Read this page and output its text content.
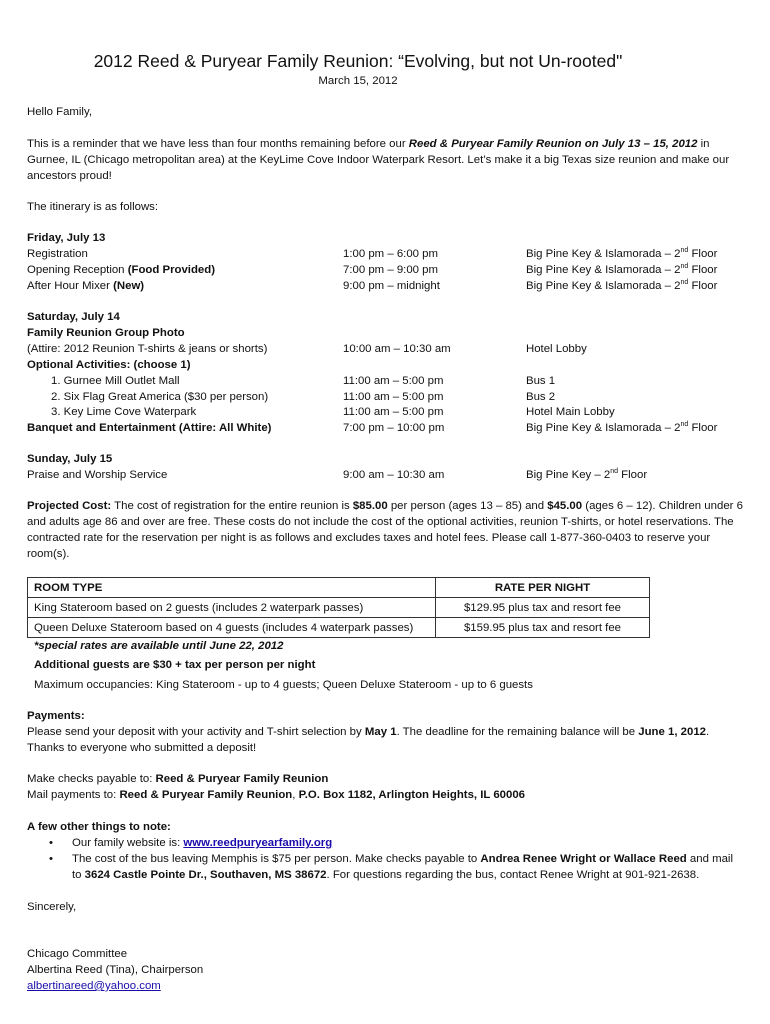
2012 Reed & Puryear Family Reunion: “Evolving, but not Un-rooted"
March 15, 2012
Hello Family,
This is a reminder that we have less than four months remaining before our Reed & Puryear Family Reunion on July 13 – 15, 2012 in Gurnee, IL (Chicago metropolitan area) at the KeyLime Cove Indoor Waterpark Resort. Let’s make it a big Texas size reunion and make our ancestors proud!
The itinerary is as follows:
Friday, July 13
Registration	1:00 pm – 6:00 pm	Big Pine Key & Islamorada – 2nd Floor
Opening Reception (Food Provided)	7:00 pm – 9:00 pm	Big Pine Key & Islamorada – 2nd Floor
After Hour Mixer (New)	9:00 pm – midnight	Big Pine Key & Islamorada – 2nd Floor
Saturday, July 14
Family Reunion Group Photo
(Attire: 2012 Reunion T-shirts & jeans or shorts)	10:00 am – 10:30 am	Hotel Lobby
Optional Activities: (choose 1)
1. Gurnee Mill Outlet Mall	11:00 am – 5:00 pm	Bus 1
2. Six Flag Great America ($30 per person)	11:00 am – 5:00 pm	Bus 2
3. Key Lime Cove Waterpark	11:00 am – 5:00 pm	Hotel Main Lobby
Banquet and Entertainment (Attire: All White)	7:00 pm – 10:00 pm	Big Pine Key & Islamorada – 2nd Floor
Sunday, July 15
Praise and Worship Service	9:00 am – 10:30 am	Big Pine Key – 2nd Floor
Projected Cost: The cost of registration for the entire reunion is $85.00 per person (ages 13 – 85) and $45.00 (ages 6 – 12). Children under 6 and adults age 86 and over are free. These costs do not include the cost of the optional activities, reunion T-shirts, or hotel reservations. The contracted rate for the reservation per night is as follows and excludes taxes and hotel fees. Please call 1-877-360-0403 to reserve your room(s).
ROOM TYPE	RATE PER NIGHT
King Stateroom based on 2 guests (includes 2 waterpark passes)	$129.95 plus tax and resort fee
Queen Deluxe Stateroom based on 4 guests (includes 4 waterpark passes)	$159.95 plus tax and resort fee
*special rates are available until June 22, 2012
Additional guests are $30 + tax per person per night
Maximum occupancies: King Stateroom - up to 4 guests; Queen Deluxe Stateroom - up to 6 guests
Payments:
Please send your deposit with your activity and T-shirt selection by May 1. The deadline for the remaining balance will be June 1, 2012.
Thanks to everyone who submitted a deposit!
Make checks payable to: Reed & Puryear Family Reunion
Mail payments to: Reed & Puryear Family Reunion, P.O. Box 1182, Arlington Heights, IL 60006
A few other things to note:
• Our family website is: www.reedpuryearfamily.org
• The cost of the bus leaving Memphis is $75 per person. Make checks payable to Andrea Renee Wright or Wallace Reed and mail
to 3624 Castle Pointe Dr., Southaven, MS 38672. For questions regarding the bus, contact Renee Wright at 901-921-2638.
Sincerely,
Chicago Committee
Albertina Reed (Tina), Chairperson
albertinareed@yahoo.com
